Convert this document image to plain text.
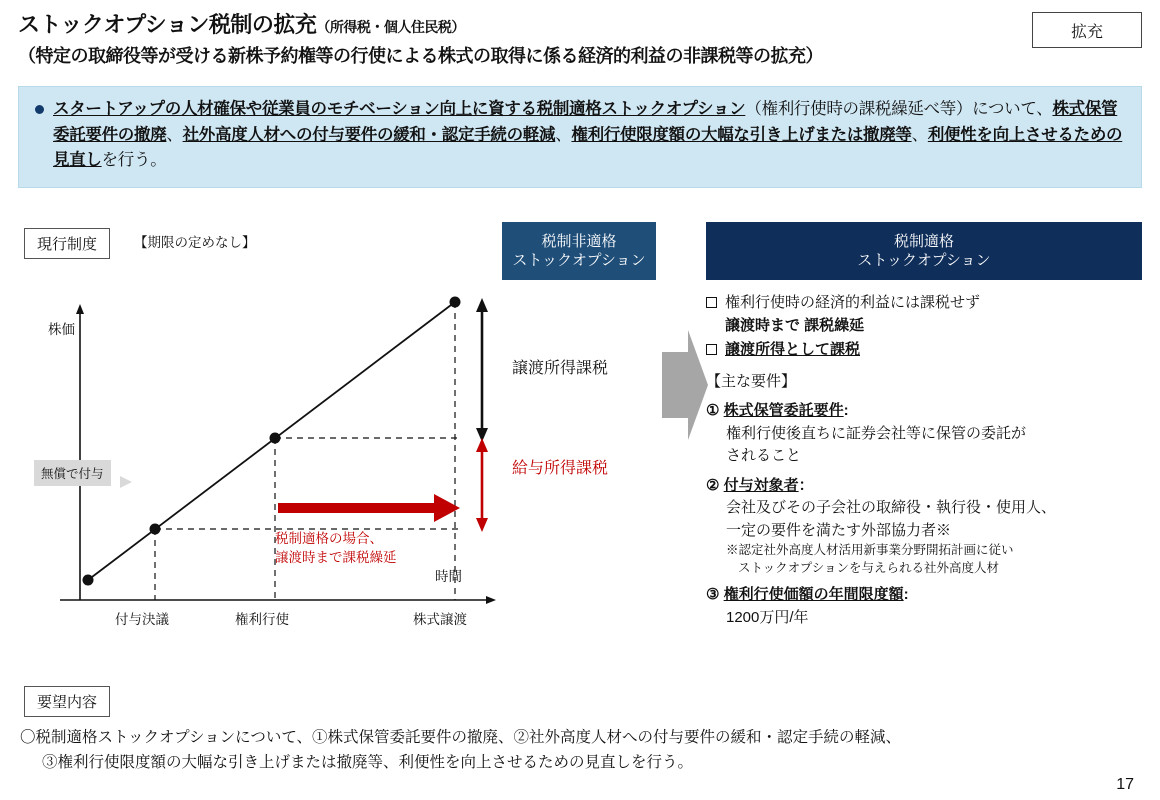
ストックオプション税制の拡充（所得税・個人住民税）
（特定の取締役等が受ける新株予約権等の行使による株式の取得に係る経済的利益の非課税等の拡充）
拡充
スタートアップの人材確保や従業員のモチベーション向上に資する税制適格ストックオプション（権利行使時の課税繰延べ等）について、株式保管委託要件の撤廃、社外高度人材への付与要件の緩和・認定手続の軽減、権利行使限度額の大幅な引き上げまたは撤廃等、利便性を向上させるための見直しを行う。
現行制度	【期限の定めなし】
株価
時間
無償で付与
付与決議	権利行使	株式譲渡
税制適格の場合、
譲渡時まで課税繰延
譲渡所得課税
給与所得課税
税制非適格
ストックオプション
税制適格
ストックオプション
権利行使時の経済的利益には課税せず
譲渡時まで 課税繰延
譲渡所得として課税
【主な要件】
① 株式保管委託要件:
権利行使後直ちに証券会社等に保管の委託が
されること
② 付与対象者：
会社及びその子会社の取締役・執行役・使用人、
一定の要件を満たす外部協力者※
※認定社外高度人材活用新事業分野開拓計画に従い
ストックオプションを与えられる社外高度人材
③ 権利行使価額の年間限度額:
1200万円/年
要望内容
〇税制適格ストックオプションについて、①株式保管委託要件の撤廃、②社外高度人材への付与要件の緩和・認定手続の軽減、
③権利行使限度額の大幅な引き上げまたは撤廃等、利便性を向上させるための見直しを行う。
17
